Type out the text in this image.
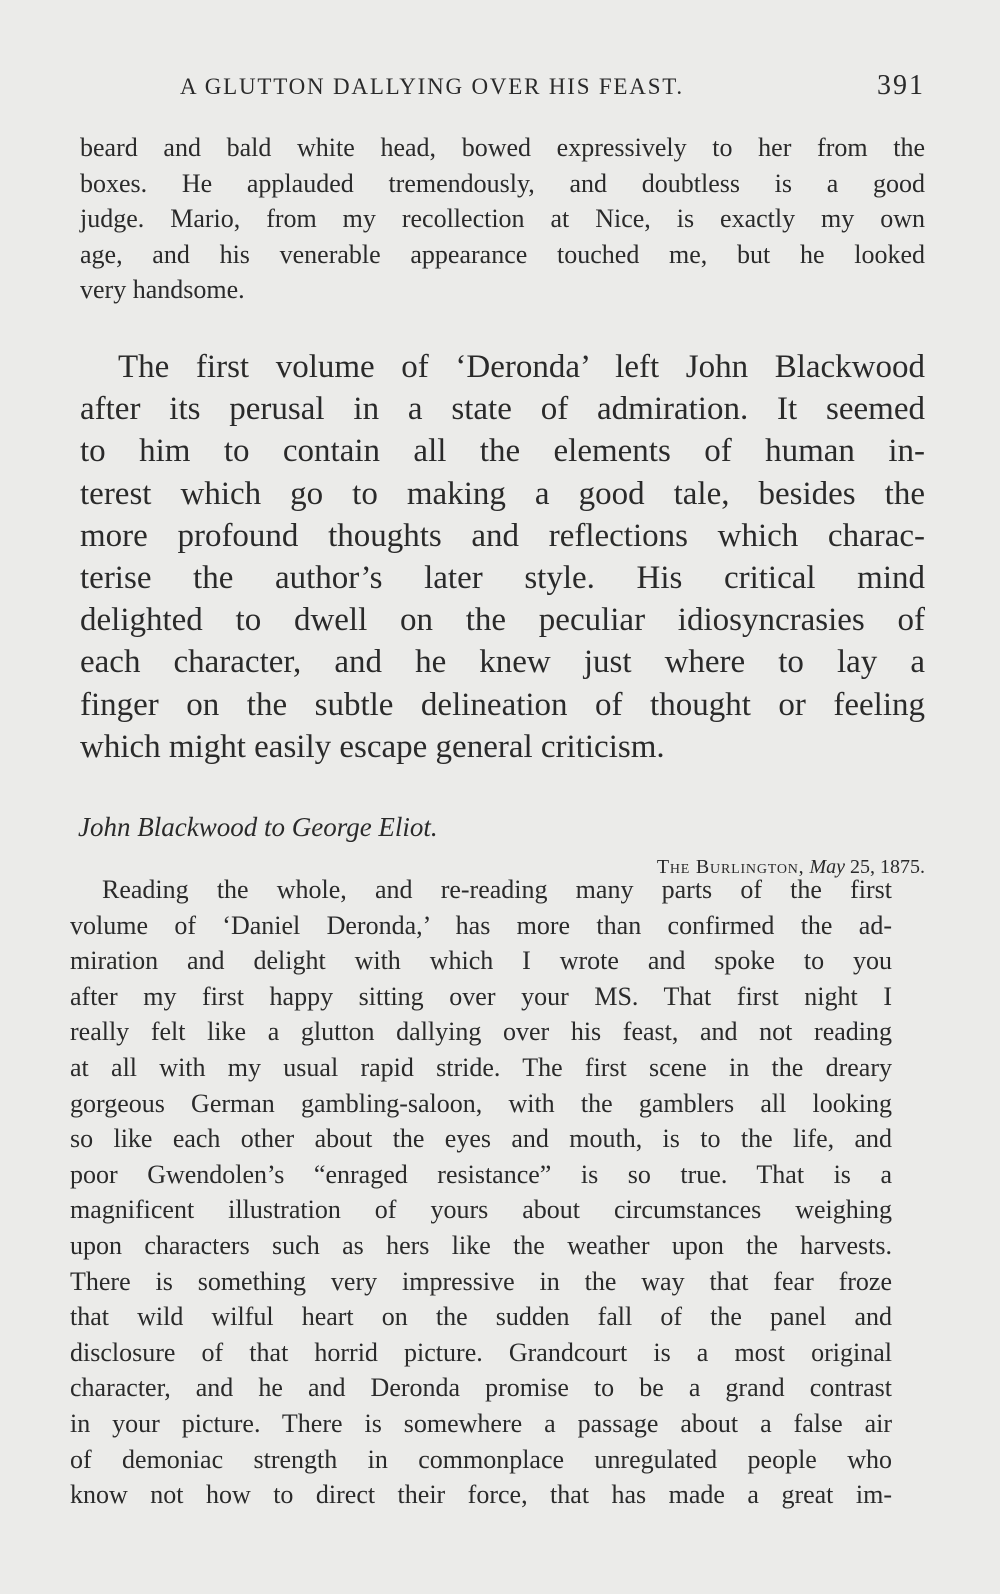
A GLUTTON DALLYING OVER HIS FEAST.	391
beard and bald white head, bowed expressively to her from the
boxes. He applauded tremendously, and doubtless is a good
judge. Mario, from my recollection at Nice, is exactly my own
age, and his venerable appearance touched me, but he looked
very handsome.
The first volume of ‘Deronda’ left John Blackwood
after its perusal in a state of admiration. It seemed
to him to contain all the elements of human in-
terest which go to making a good tale, besides the
more profound thoughts and reflections which charac-
terise the author’s later style. His critical mind
delighted to dwell on the peculiar idiosyncrasies of
each character, and he knew just where to lay a
finger on the subtle delineation of thought or feeling
which might easily escape general criticism.
John Blackwood to George Eliot.
The Burlington, May 25, 1875.
Reading the whole, and re-reading many parts of the first
volume of ‘Daniel Deronda,’ has more than confirmed the ad-
miration and delight with which I wrote and spoke to you
after my first happy sitting over your MS. That first night I
really felt like a glutton dallying over his feast, and not reading
at all with my usual rapid stride. The first scene in the dreary
gorgeous German gambling-saloon, with the gamblers all looking
so like each other about the eyes and mouth, is to the life, and
poor Gwendolen’s “enraged resistance” is so true. That is a
magnificent illustration of yours about circumstances weighing
upon characters such as hers like the weather upon the harvests.
There is something very impressive in the way that fear froze
that wild wilful heart on the sudden fall of the panel and
disclosure of that horrid picture. Grandcourt is a most original
character, and he and Deronda promise to be a grand contrast
in your picture. There is somewhere a passage about a false air
of demoniac strength in commonplace unregulated people who
know not how to direct their force, that has made a great im-
